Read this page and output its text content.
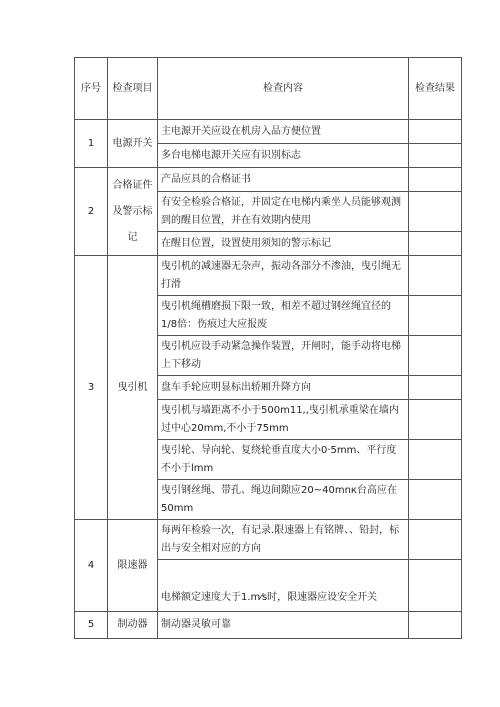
序号	检查项目	检查内容	检查结果
1	电源开关	主电源开关应设在机房入品方便位置	
		多台电梯电源开关应有识別标志	
2	合格证件及警示标记	产品应具的合格证书	
		有安全检验合格证，并固定在电梯内乘坐人员能够观测到的醒目位置，并在有效期内使用	
		在醒目位置，设置使用须知的警示标记	
3	曳引机	曳引机的减速器无杂声，振动各部分不渗油，曳引绳无打滑	
		曳引机绳槽磨损下限一致，相差不超过钢丝绳宜径的1/8倍：伤痕过大应报废	
		曳引机应设手动紧急操作装置，开闸时，能手动将电梯上下移动	
		盘车手轮应明显标出轿厢升降方向	
		曳引机与墙距离不小于500m11,,曳引机承重梁在墙内过中心20mm,不小于75mm	
		曳引轮、导向轮、复绕轮垂直度大小0·5mm、平行度不小于lmm	
		曳引钢丝绳、带孔、绳边间隙应20~40mnк台高应在50mm	
4	限速器	每两年检验一次，有记录.限速器上有铭牌、、铅封，标出与安全相对应的方向	
		电梯额定速度大于1.m⁄s时，限速器应设安全开关	
5	制动器	制动器灵敏可靠	
